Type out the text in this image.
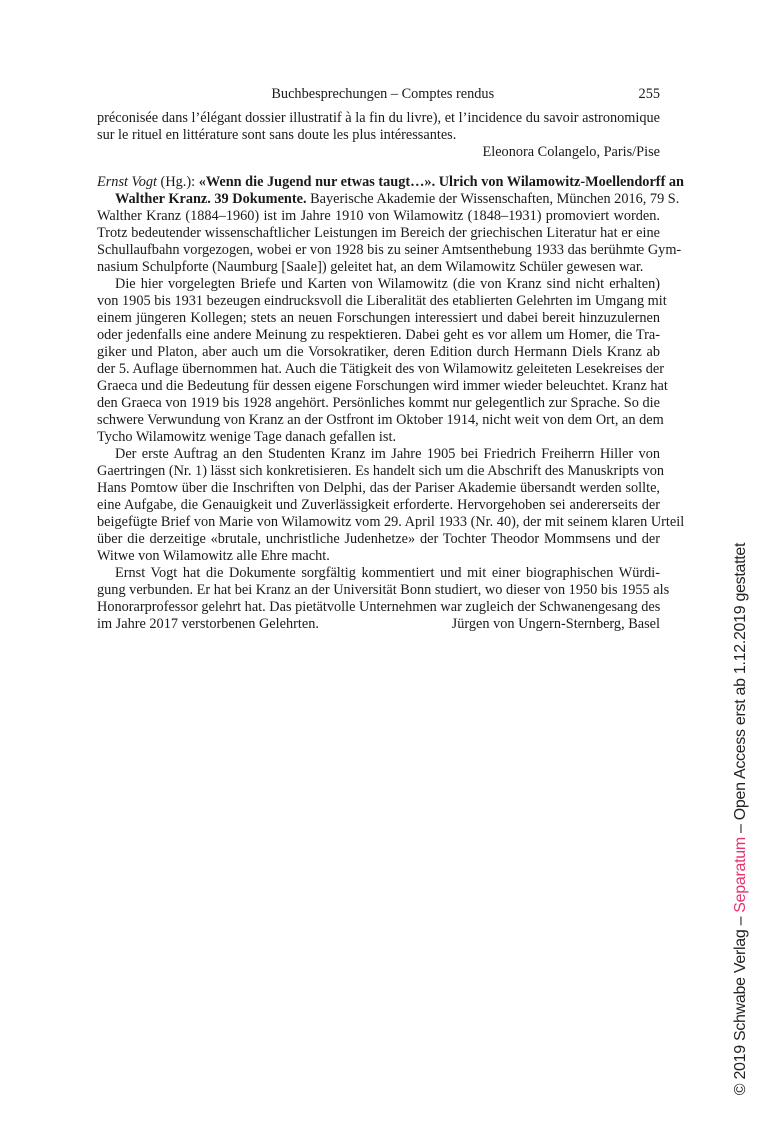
Buchbesprechungen – Comptes rendus	255
préconisée dans l’élégant dossier illustratif à la fin du livre), et l’incidence du savoir astronomique
sur le rituel en littérature sont sans doute les plus intéressantes.
Eleonora Colangelo, Paris/Pise
Ernst Vogt (Hg.): «Wenn die Jugend nur etwas taugt…». Ulrich von Wilamowitz-Moellendorff an
Walther Kranz. 39 Dokumente. Bayerische Akademie der Wissenschaften, München 2016, 79 S.
Walther Kranz (1884–1960) ist im Jahre 1910 von Wilamowitz (1848–1931) promoviert worden.
Trotz bedeutender wissenschaftlicher Leistungen im Bereich der griechischen Literatur hat er eine
Schullaufbahn vorgezogen, wobei er von 1928 bis zu seiner Amtsenthebung 1933 das berühmte Gym-
nasium Schulpforte (Naumburg [Saale]) geleitet hat, an dem Wilamowitz Schüler gewesen war.
Die hier vorgelegten Briefe und Karten von Wilamowitz (die von Kranz sind nicht erhalten)
von 1905 bis 1931 bezeugen eindrucksvoll die Liberalität des etablierten Gelehrten im Umgang mit
einem jüngeren Kollegen; stets an neuen Forschungen interessiert und dabei bereit hinzuzulernen
oder jedenfalls eine andere Meinung zu respektieren. Dabei geht es vor allem um Homer, die Tra-
giker und Platon, aber auch um die Vorsokratiker, deren Edition durch Hermann Diels Kranz ab
der 5. Auflage übernommen hat. Auch die Tätigkeit des von Wilamowitz geleiteten Lesekreises der
Graeca und die Bedeutung für dessen eigene Forschungen wird immer wieder beleuchtet. Kranz hat
den Graeca von 1919 bis 1928 angehört. Persönliches kommt nur gelegentlich zur Sprache. So die
schwere Verwundung von Kranz an der Ostfront im Oktober 1914, nicht weit von dem Ort, an dem
Tycho Wilamowitz wenige Tage danach gefallen ist.
Der erste Auftrag an den Studenten Kranz im Jahre 1905 bei Friedrich Freiherrn Hiller von
Gaertringen (Nr. 1) lässt sich konkretisieren. Es handelt sich um die Abschrift des Manuskripts von
Hans Pomtow über die Inschriften von Delphi, das der Pariser Akademie übersandt werden sollte,
eine Aufgabe, die Genauigkeit und Zuverlässigkeit erforderte. Hervorgehoben sei andererseits der
beigefügte Brief von Marie von Wilamowitz vom 29. April 1933 (Nr. 40), der mit seinem klaren Urteil
über die derzeitige «brutale, unchristliche Judenhetze» der Tochter Theodor Mommsens und der
Witwe von Wilamowitz alle Ehre macht.
Ernst Vogt hat die Dokumente sorgfältig kommentiert und mit einer biographischen Würdi-
gung verbunden. Er hat bei Kranz an der Universität Bonn studiert, wo dieser von 1950 bis 1955 als
Honorarprofessor gelehrt hat. Das pietätvolle Unternehmen war zugleich der Schwanengesang des
im Jahre 2017 verstorbenen Gelehrten.	Jürgen von Ungern-Sternberg, Basel
© 2019 Schwabe Verlag – Separatum – Open Access erst ab 1.12.2019 gestattet
